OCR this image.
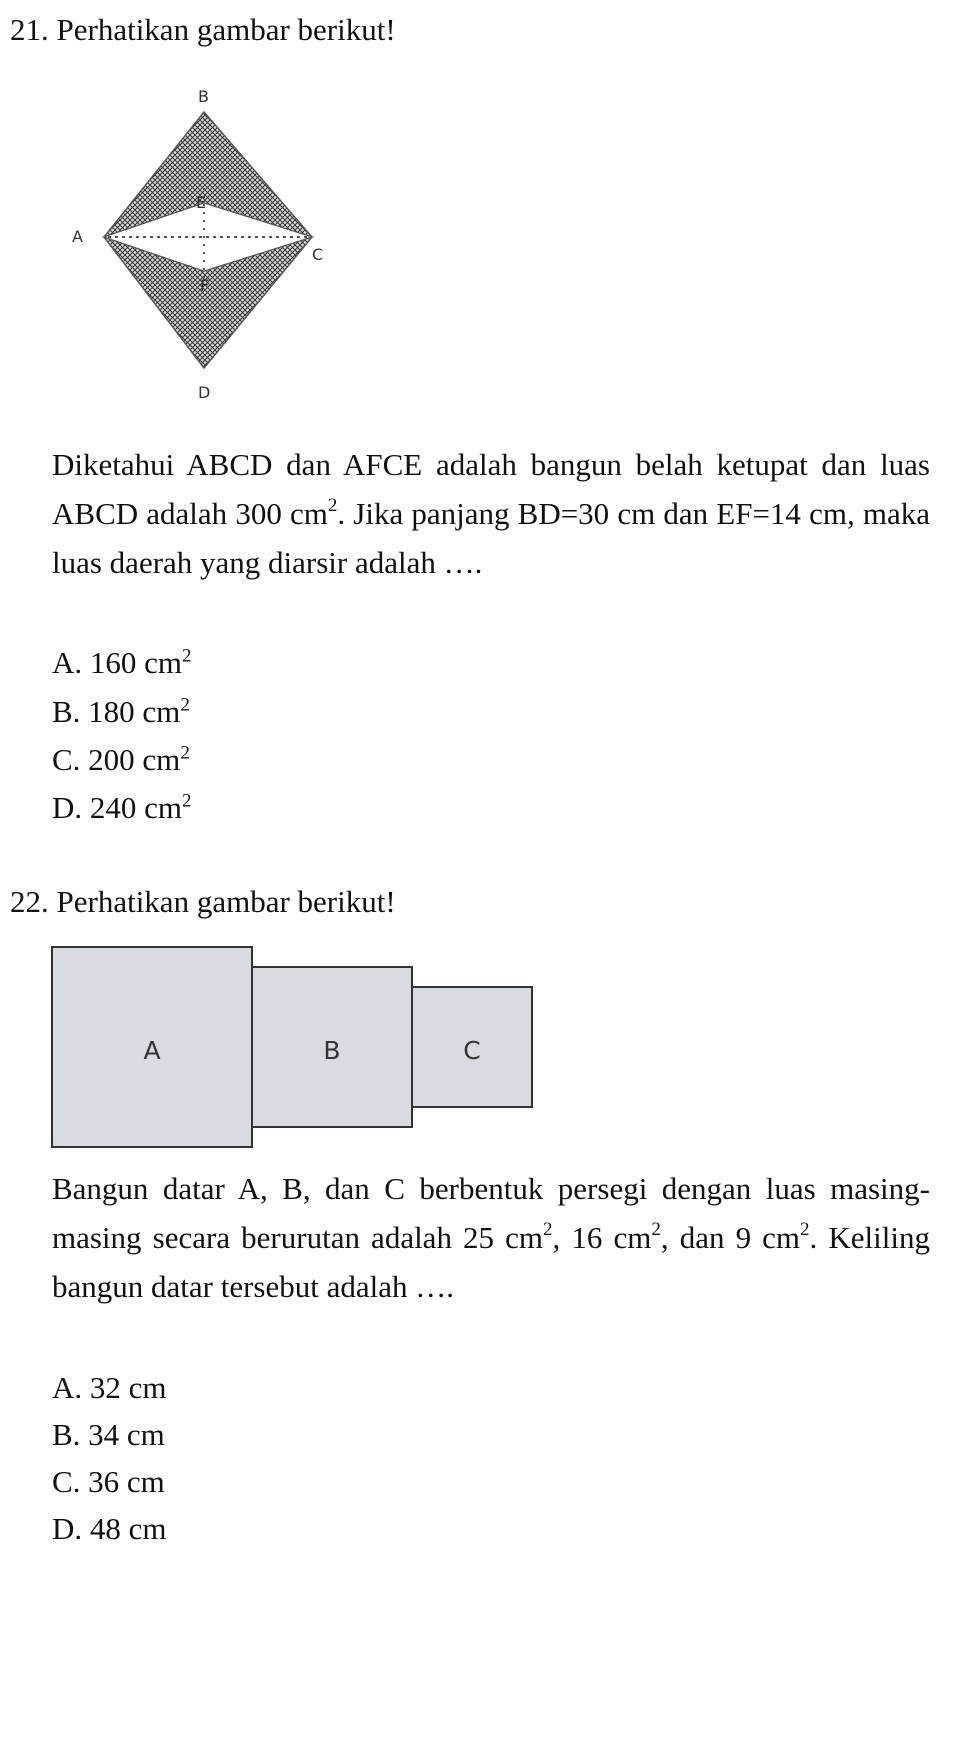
21. Perhatikan gambar berikut!
B
A
C
D
E
F
Diketahui ABCD dan AFCE adalah bangun belah ketupat dan luas ABCD adalah 300 $cm^2$. Jika panjang BD=30 cm dan EF=14 cm, maka luas daerah yang diarsir adalah ….
A. 160 $cm^2$
B. 180 $cm^2$
C. 200 $cm^2$
D. 240 $cm^2$
22. Perhatikan gambar berikut!
A	B	C
Bangun datar A, B, dan C berbentuk persegi dengan luas masing-masing secara berurutan adalah 25 $cm^2$, 16 $cm^2$, dan 9 $cm^2$. Keliling bangun datar tersebut adalah ….
A. 32 cm
B. 34 cm
C. 36 cm
D. 48 cm
